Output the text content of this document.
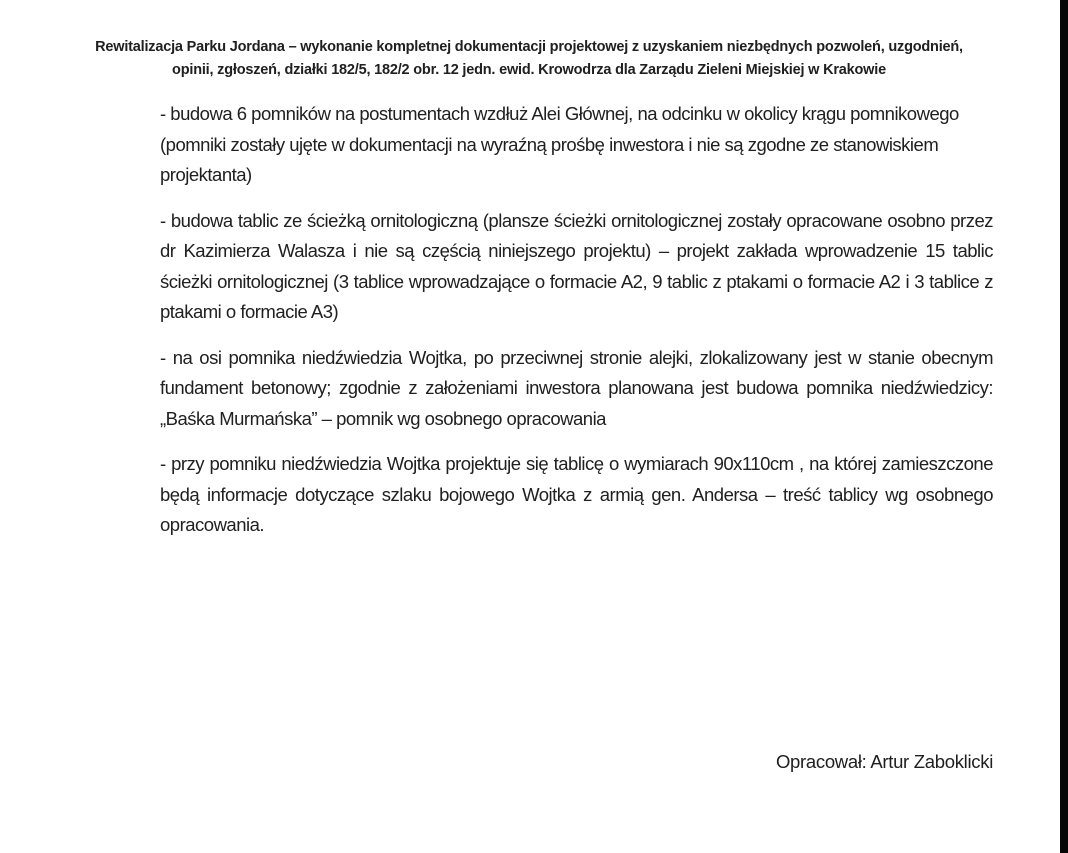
Rewitalizacja Parku Jordana – wykonanie kompletnej dokumentacji projektowej z uzyskaniem niezbędnych pozwoleń, uzgodnień,
opinii, zgłoszeń, działki 182/5, 182/2 obr. 12 jedn. ewid. Krowodrza dla Zarządu Zieleni Miejskiej w Krakowie

- budowa 6 pomników na postumentach wzdłuż Alei Głównej, na odcinku w okolicy krągu pomnikowego (pomniki zostały ujęte w dokumentacji na wyraźną prośbę inwestora i nie są zgodne ze stanowiskiem projektanta)

- budowa tablic ze ścieżką ornitologiczną (plansze ścieżki ornitologicznej zostały opracowane osobno przez dr Kazimierza Walasza i nie są częścią niniejszego projektu) – projekt zakłada wprowadzenie 15 tablic ścieżki ornitologicznej (3 tablice wprowadzające o formacie A2, 9 tablic z ptakami o formacie A2 i 3 tablice z ptakami o formacie A3)

- na osi pomnika niedźwiedzia Wojtka, po przeciwnej stronie alejki, zlokalizowany jest w stanie obecnym fundament betonowy; zgodnie z założeniami inwestora planowana jest budowa pomnika niedźwiedzicy: „Baśka Murmańska” – pomnik wg osobnego opracowania

- przy pomniku niedźwiedzia Wojtka projektuje się tablicę o wymiarach 90x110cm , na której zamieszczone będą informacje dotyczące szlaku bojowego Wojtka z armią gen. Andersa – treść tablicy wg osobnego opracowania.

Opracował: Artur Zaboklicki
